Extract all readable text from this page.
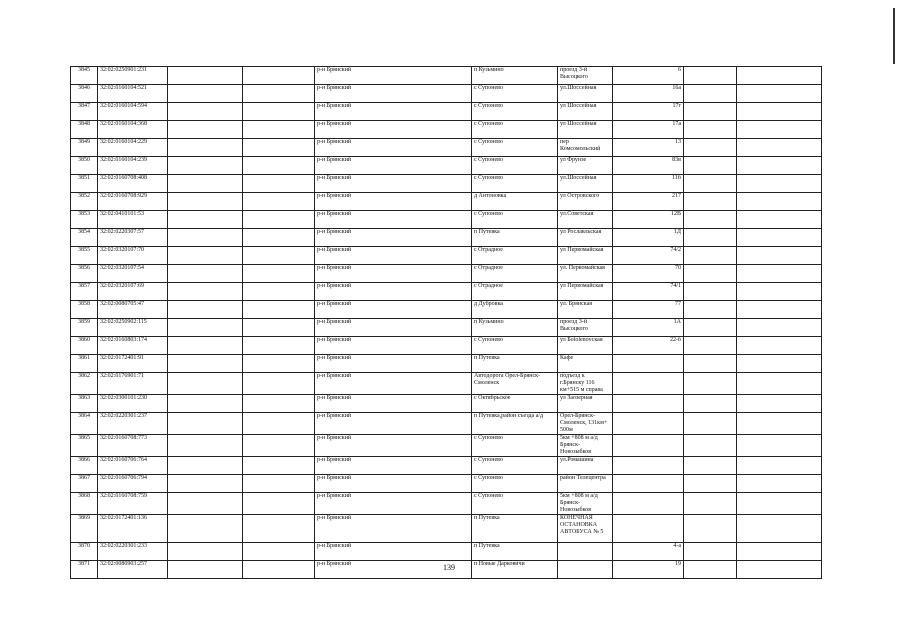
3845	32:02:0250901:231			р-н Брянский	п Кузьмино	проезд 3-й Высоцкого	6		
3846	32:02:0160104:521			р-н Брянский	с Супонево	ул.Шоссейная	16а		
3847	32:02:0160104:594			р-н Брянский	с Супонево	ул Шоссейная	17г		
3848	32:02:0160104:368			р-н Брянский	с Супонево	ул Шоссейная	17а		
3849	32:02:0160104:229			р-н Брянский	с Супонево	пер Комсомольский	13		
3850	32:02:0160104:239			р-н Брянский	с Супонево	ул Фрунзе	83в		
3851	32:02:0160708:408			р-н Брянский	с Супонево	ул.Шоссейная	11б		
3852	32:02:0160708:929			р-н Брянский	д Антоновка	ул Островского	217		
3853	32:02:0410101:53			р-н Брянский	с Супонево	ул.Советская	12В		
3854	32:02:0220307:57			р-н Брянский	п Путевка	ул Рославльская	1Д		
3855	32:02:0320107:70			р-н Брянский	с Отрадное	ул Первомайская	74/2		
3856	32:02:0320107:54			р-н Брянский	с Отрадное	ул. Первомайская	70		
3857	32:02:0320107:69			р-н Брянский	с Отрадное	ул Первомайская	74/1		
3858	32:02:0080705:47			р-н Брянский	д Дубровка	ул. Брянская	77		
3859	32:02:0250902:115			р-н Брянский	п Кузьмино	проезд 3-й Высоцкого	1А		
3860	32:02:0160803:174			р-н Брянский	с Супонево	ул Бololenovская	22-б		
3861	32:02:0172401:91			р-н Брянский	п Путевка	Кафе			
3862	32:02:0176901:71			р-н Брянский	Автодорога Орел-Брянск-Смоленск	подъезд к г.Брянску 116 км+515 м справа			
3863	32:02:0300101:230			р-н Брянский	с Октябрьское	ул Заозерная			
3864	32:02:0220301:237			р-н Брянский	п Путевка,район съезда а/д	Орел-Брянск-Смоленск, 131км+ 500м			
3865	32:02:0160708:773			р-н Брянский	с Супонево	5км +808 м а/д Брянск-Новозыбков			
3866	32:02:0160706:764			р-н Брянский	с Супонево	ул.Ромашина			
3867	32:02:0160706:794			р-н Брянский	с Супонево	район Телецентра			
3868	32:02:0160708:759			р-н Брянский	с Супонево	5км +808 м а/д Брянск-Новозыбков			
3869	32:02:0172401:136			р-н Брянский	п Путевка	КОНЕЧНАЯ ОСТАНОВКА АВТОБУСА № 5			
3870	32:02:0220301:233			р-н Брянский	п Путевка		4-а		
3871	32:02:0080903:257			р-н Брянский	п Новые Дарковичи		19		
139
